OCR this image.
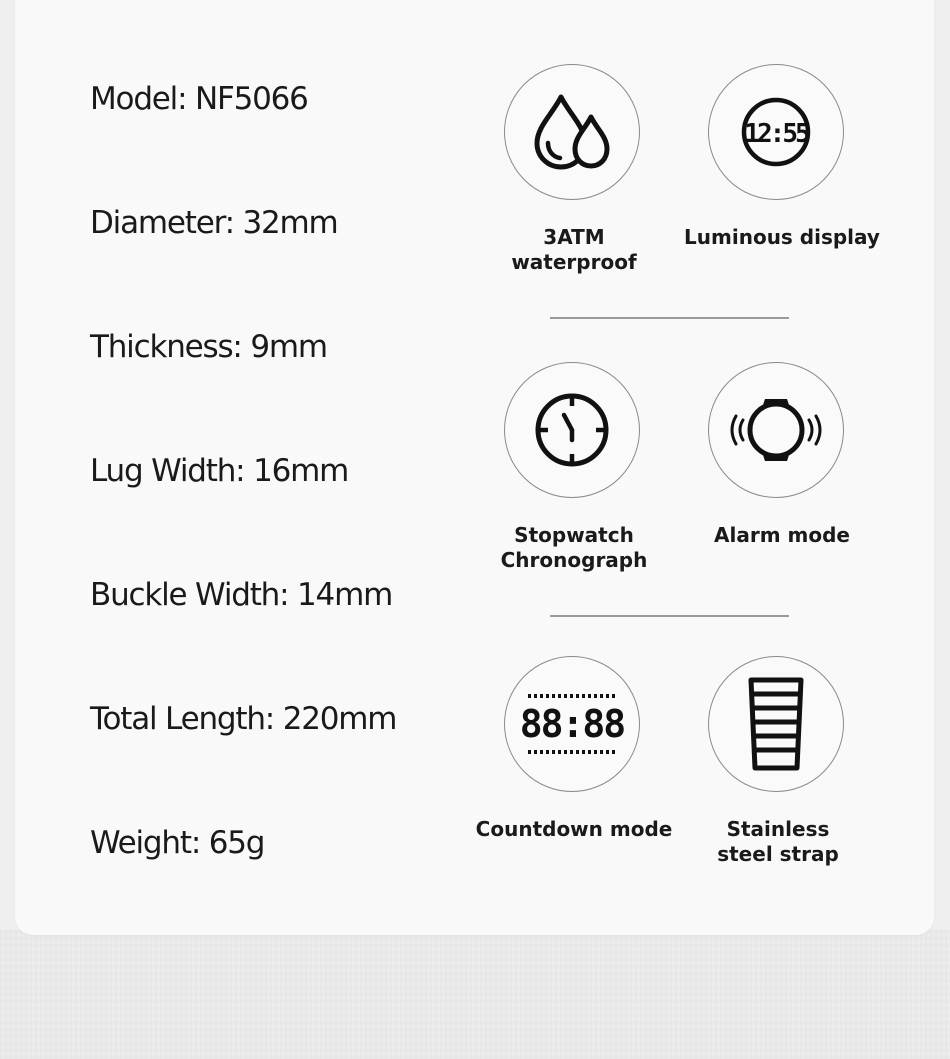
Model: NF5066
Diameter: 32mm
Thickness: 9mm
Lug Width: 16mm
Buckle Width: 14mm
Total Length: 220mm
Weight: 65g
3ATM
waterproof
12:55
Luminous display
Stopwatch
Chronograph
Alarm mode
88:88
Countdown mode	Stainless
steel strap
